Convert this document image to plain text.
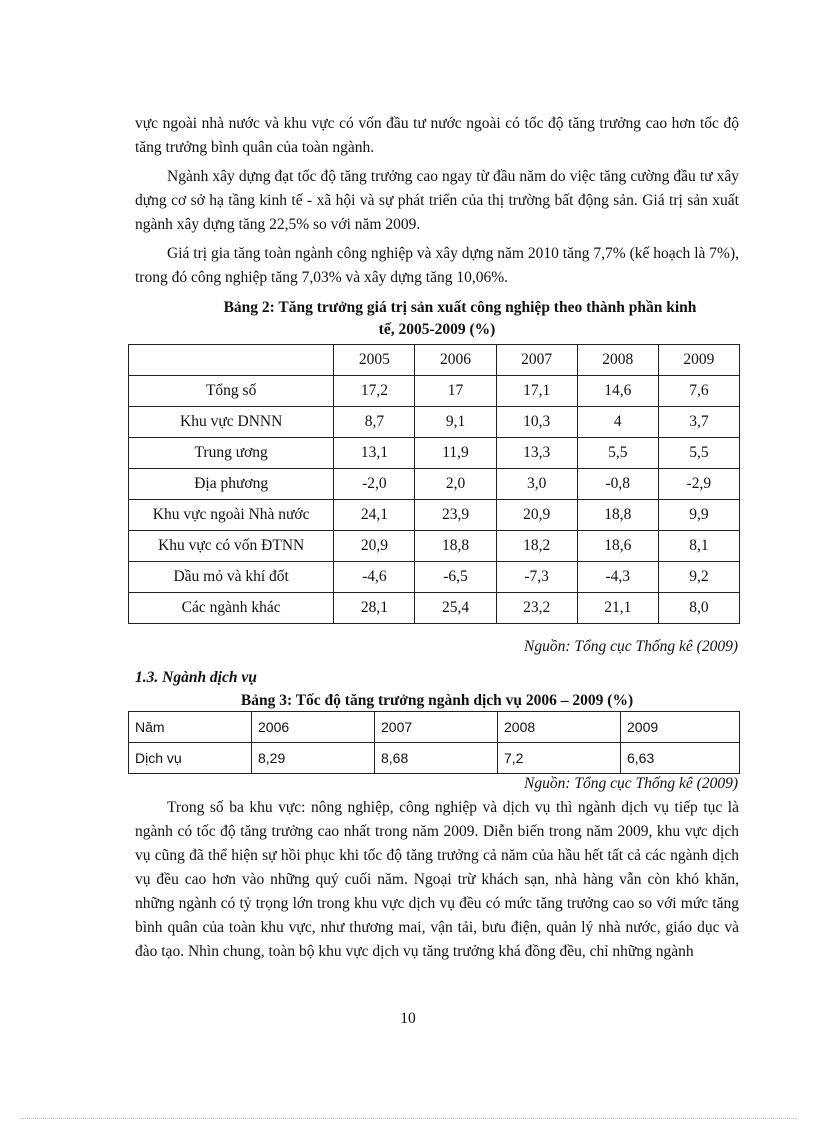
vực ngoài nhà nước và khu vực có vốn đầu tư nước ngoài có tốc độ tăng trưởng cao hơn tốc độ tăng trưởng bình quân của toàn ngành.

Ngành xây dựng đạt tốc độ tăng trưởng cao ngay từ đầu năm do việc tăng cường đầu tư xây dựng cơ sở hạ tầng kinh tế - xã hội và sự phát triển của thị trường bất động sản. Giá trị sản xuất ngành xây dựng tăng 22,5% so với năm 2009.

Giá trị gia tăng toàn ngành công nghiệp và xây dựng năm 2010 tăng 7,7% (kế hoạch là 7%), trong đó công nghiệp tăng 7,03% và xây dựng tăng 10,06%.

Bảng 2: Tăng trưởng giá trị sản xuất công nghiệp theo thành phần kinh

tế, 2005-2009 (%)

	2005	2006	2007	2008	2009
Tổng số	17,2	17	17,1	14,6	7,6
Khu vực DNNN	8,7	9,1	10,3	4	3,7
Trung ương	13,1	11,9	13,3	5,5	5,5
Địa phương	-2,0	2,0	3,0	-0,8	-2,9
Khu vực ngoài Nhà nước	24,1	23,9	20,9	18,8	9,9
Khu vực có vốn ĐTNN	20,9	18,8	18,2	18,6	8,1
Dầu mỏ và khí đốt	-4,6	-6,5	-7,3	-4,3	9,2
Các ngành khác	28,1	25,4	23,2	21,1	8,0

Nguồn: Tổng cục Thống kê (2009)

1.3. Ngành dịch vụ

Bảng 3: Tốc độ tăng trưởng ngành dịch vụ 2006 – 2009 (%)

Năm	2006	2007	2008	2009
Dịch vụ	8,29	8,68	7,2	6,63

Nguồn: Tổng cục Thống kê (2009)

Trong số ba khu vực: nông nghiệp, công nghiệp và dịch vụ thì ngành dịch vụ tiếp tục là ngành có tốc độ tăng trưởng cao nhất trong năm 2009. Diễn biến trong năm 2009, khu vực dịch vụ cũng đã thể hiện sự hồi phục khi tốc độ tăng trưởng cả năm của hầu hết tất cả các ngành dịch vụ đều cao hơn vào những quý cuối năm. Ngoại trừ khách sạn, nhà hàng vẫn còn khó khăn, những ngành có tỷ trọng lớn trong khu vực dịch vụ đều có mức tăng trưởng cao so với mức tăng bình quân của toàn khu vực, như thương mai, vận tải, bưu điện, quản lý nhà nước, giáo dục và đào tạo. Nhìn chung, toàn bộ khu vực dịch vụ tăng trưởng khá đồng đều, chỉ những ngành

10
